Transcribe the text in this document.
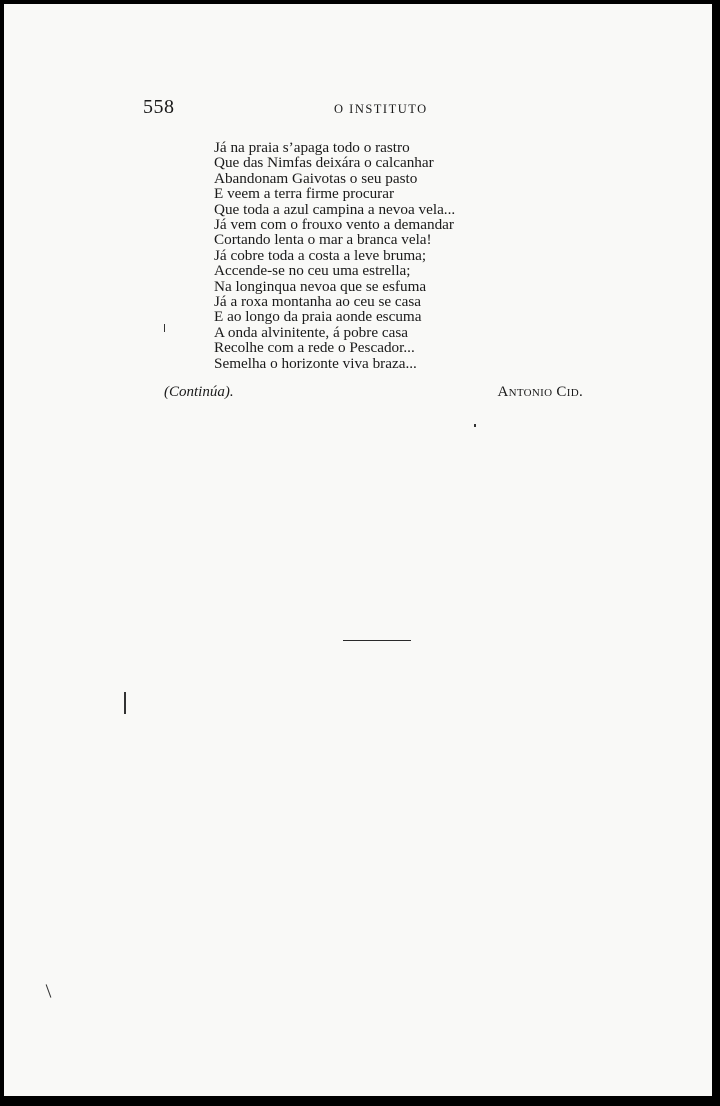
558	O INSTITUTO
Já na praia s’apaga todo o rastro
Que das Nimfas deixára o calcanhar
Abandonam Gaivotas o seu pasto
E veem a terra firme procurar
Que toda a azul campina a nevoa vela...
Já vem com o frouxo vento a demandar
Cortando lenta o mar a branca vela!
Já cobre toda a costa a leve bruma;
Accende-se no ceu uma estrella;
Na longinqua nevoa que se esfuma
Já a roxa montanha ao ceu se casa
E ao longo da praia aonde escuma
A onda alvinitente, á pobre casa
Recolhe com a rede o Pescador...
Semelha o horizonte viva braza...
(Continúa).	Antonio Cid.
